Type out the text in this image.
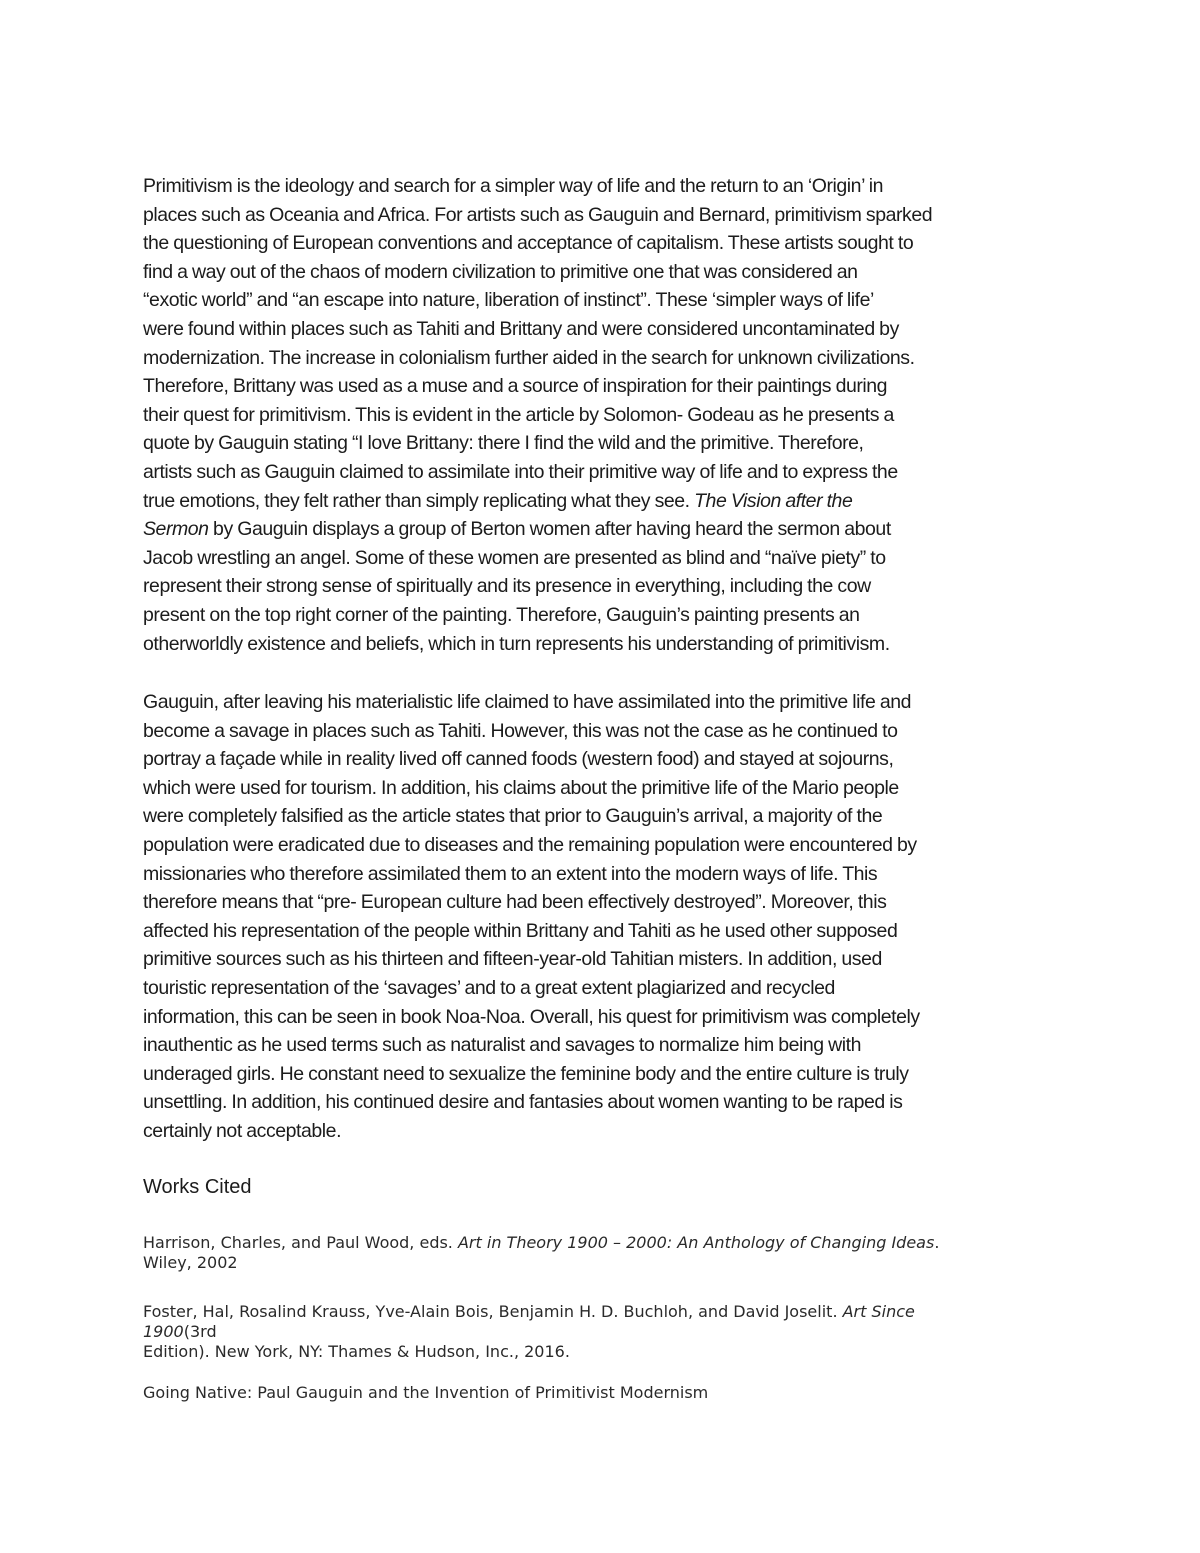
Primitivism is the ideology and search for a simpler way of life and the return to an ‘Origin’ in
places such as Oceania and Africa. For artists such as Gauguin and Bernard, primitivism sparked
the questioning of European conventions and acceptance of capitalism. These artists sought to
find a way out of the chaos of modern civilization to primitive one that was considered an
“exotic world” and “an escape into nature, liberation of instinct”. These ‘simpler ways of life’
were found within places such as Tahiti and Brittany and were considered uncontaminated by
modernization. The increase in colonialism further aided in the search for unknown civilizations.
Therefore, Brittany was used as a muse and a source of inspiration for their paintings during
their quest for primitivism. This is evident in the article by Solomon- Godeau as he presents a
quote by Gauguin stating “I love Brittany: there I find the wild and the primitive. Therefore,
artists such as Gauguin claimed to assimilate into their primitive way of life and to express the
true emotions, they felt rather than simply replicating what they see. The Vision after the
Sermon by Gauguin displays a group of Berton women after having heard the sermon about
Jacob wrestling an angel. Some of these women are presented as blind and “naïve piety” to
represent their strong sense of spiritually and its presence in everything, including the cow
present on the top right corner of the painting. Therefore, Gauguin’s painting presents an
otherworldly existence and beliefs, which in turn represents his understanding of primitivism.
Gauguin, after leaving his materialistic life claimed to have assimilated into the primitive life and
become a savage in places such as Tahiti. However, this was not the case as he continued to
portray a façade while in reality lived off canned foods (western food) and stayed at sojourns,
which were used for tourism. In addition, his claims about the primitive life of the Mario people
were completely falsified as the article states that prior to Gauguin’s arrival, a majority of the
population were eradicated due to diseases and the remaining population were encountered by
missionaries who therefore assimilated them to an extent into the modern ways of life. This
therefore means that “pre- European culture had been effectively destroyed”. Moreover, this
affected his representation of the people within Brittany and Tahiti as he used other supposed
primitive sources such as his thirteen and fifteen-year-old Tahitian misters. In addition, used
touristic representation of the ‘savages’ and to a great extent plagiarized and recycled
information, this can be seen in book Noa-Noa. Overall, his quest for primitivism was completely
inauthentic as he used terms such as naturalist and savages to normalize him being with
underaged girls. He constant need to sexualize the feminine body and the entire culture is truly
unsettling. In addition, his continued desire and fantasies about women wanting to be raped is
certainly not acceptable.
Works Cited
Harrison, Charles, and Paul Wood, eds. Art in Theory 1900 – 2000: An Anthology of Changing Ideas.
Wiley, 2002
Foster, Hal, Rosalind Krauss, Yve-Alain Bois, Benjamin H. D. Buchloh, and David Joselit. Art Since
1900(3rd
Edition). New York, NY: Thames & Hudson, Inc., 2016.
Going Native: Paul Gauguin and the Invention of Primitivist Modernism
